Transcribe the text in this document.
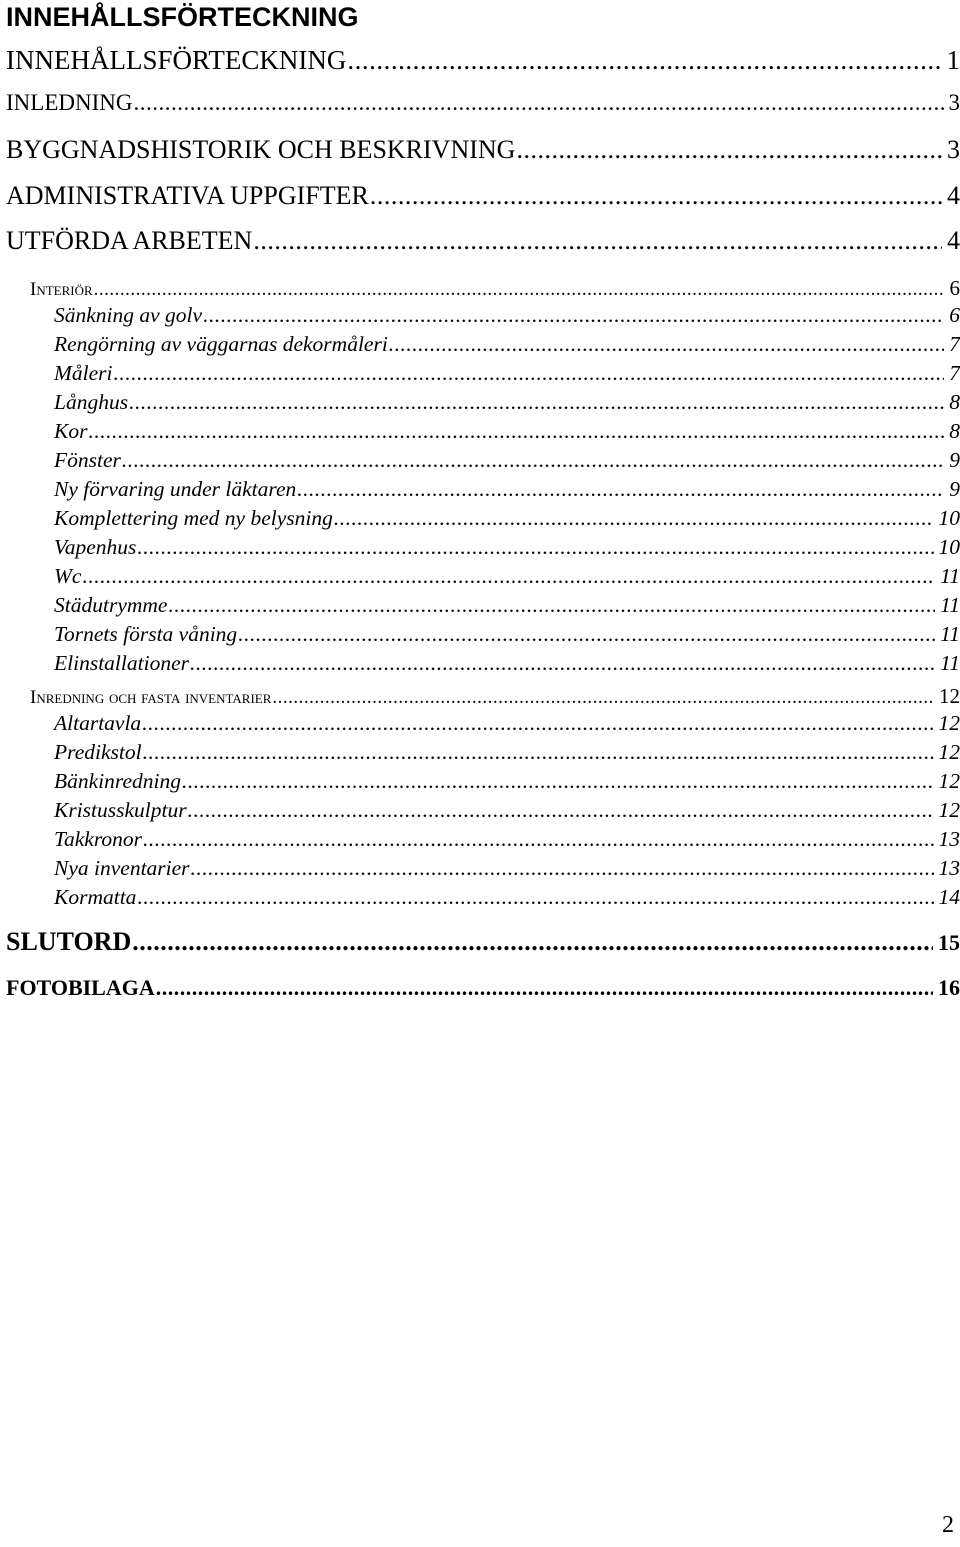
INNEHÅLLSFÖRTECKNING
INNEHÅLLSFÖRTECKNING .....	1
INLEDNING .....	3
BYGGNADSHISTORIK OCH BESKRIVNING .....	3
ADMINISTRATIVA UPPGIFTER .....	4
UTFÖRDA ARBETEN .....	4
Interiör .....	6
Sänkning av golv .....	6
Rengörning av väggarnas dekormåleri .....	7
Måleri .....	7
Långhus .....	8
Kor .....	8
Fönster .....	9
Ny förvaring under läktaren .....	9
Komplettering med ny belysning .....	10
Vapenhus .....	10
Wc .....	11
Städutrymme .....	11
Tornets första våning .....	11
Elinstallationer .....	11
Inredning och fasta inventarier .....	12
Altartavla .....	12
Predikstol .....	12
Bänkinredning .....	12
Kristusskulptur .....	12
Takkronor .....	13
Nya inventarier .....	13
Kormatta .....	14
SLUTORD .....	15
FOTOBILAGA .....	16
2
